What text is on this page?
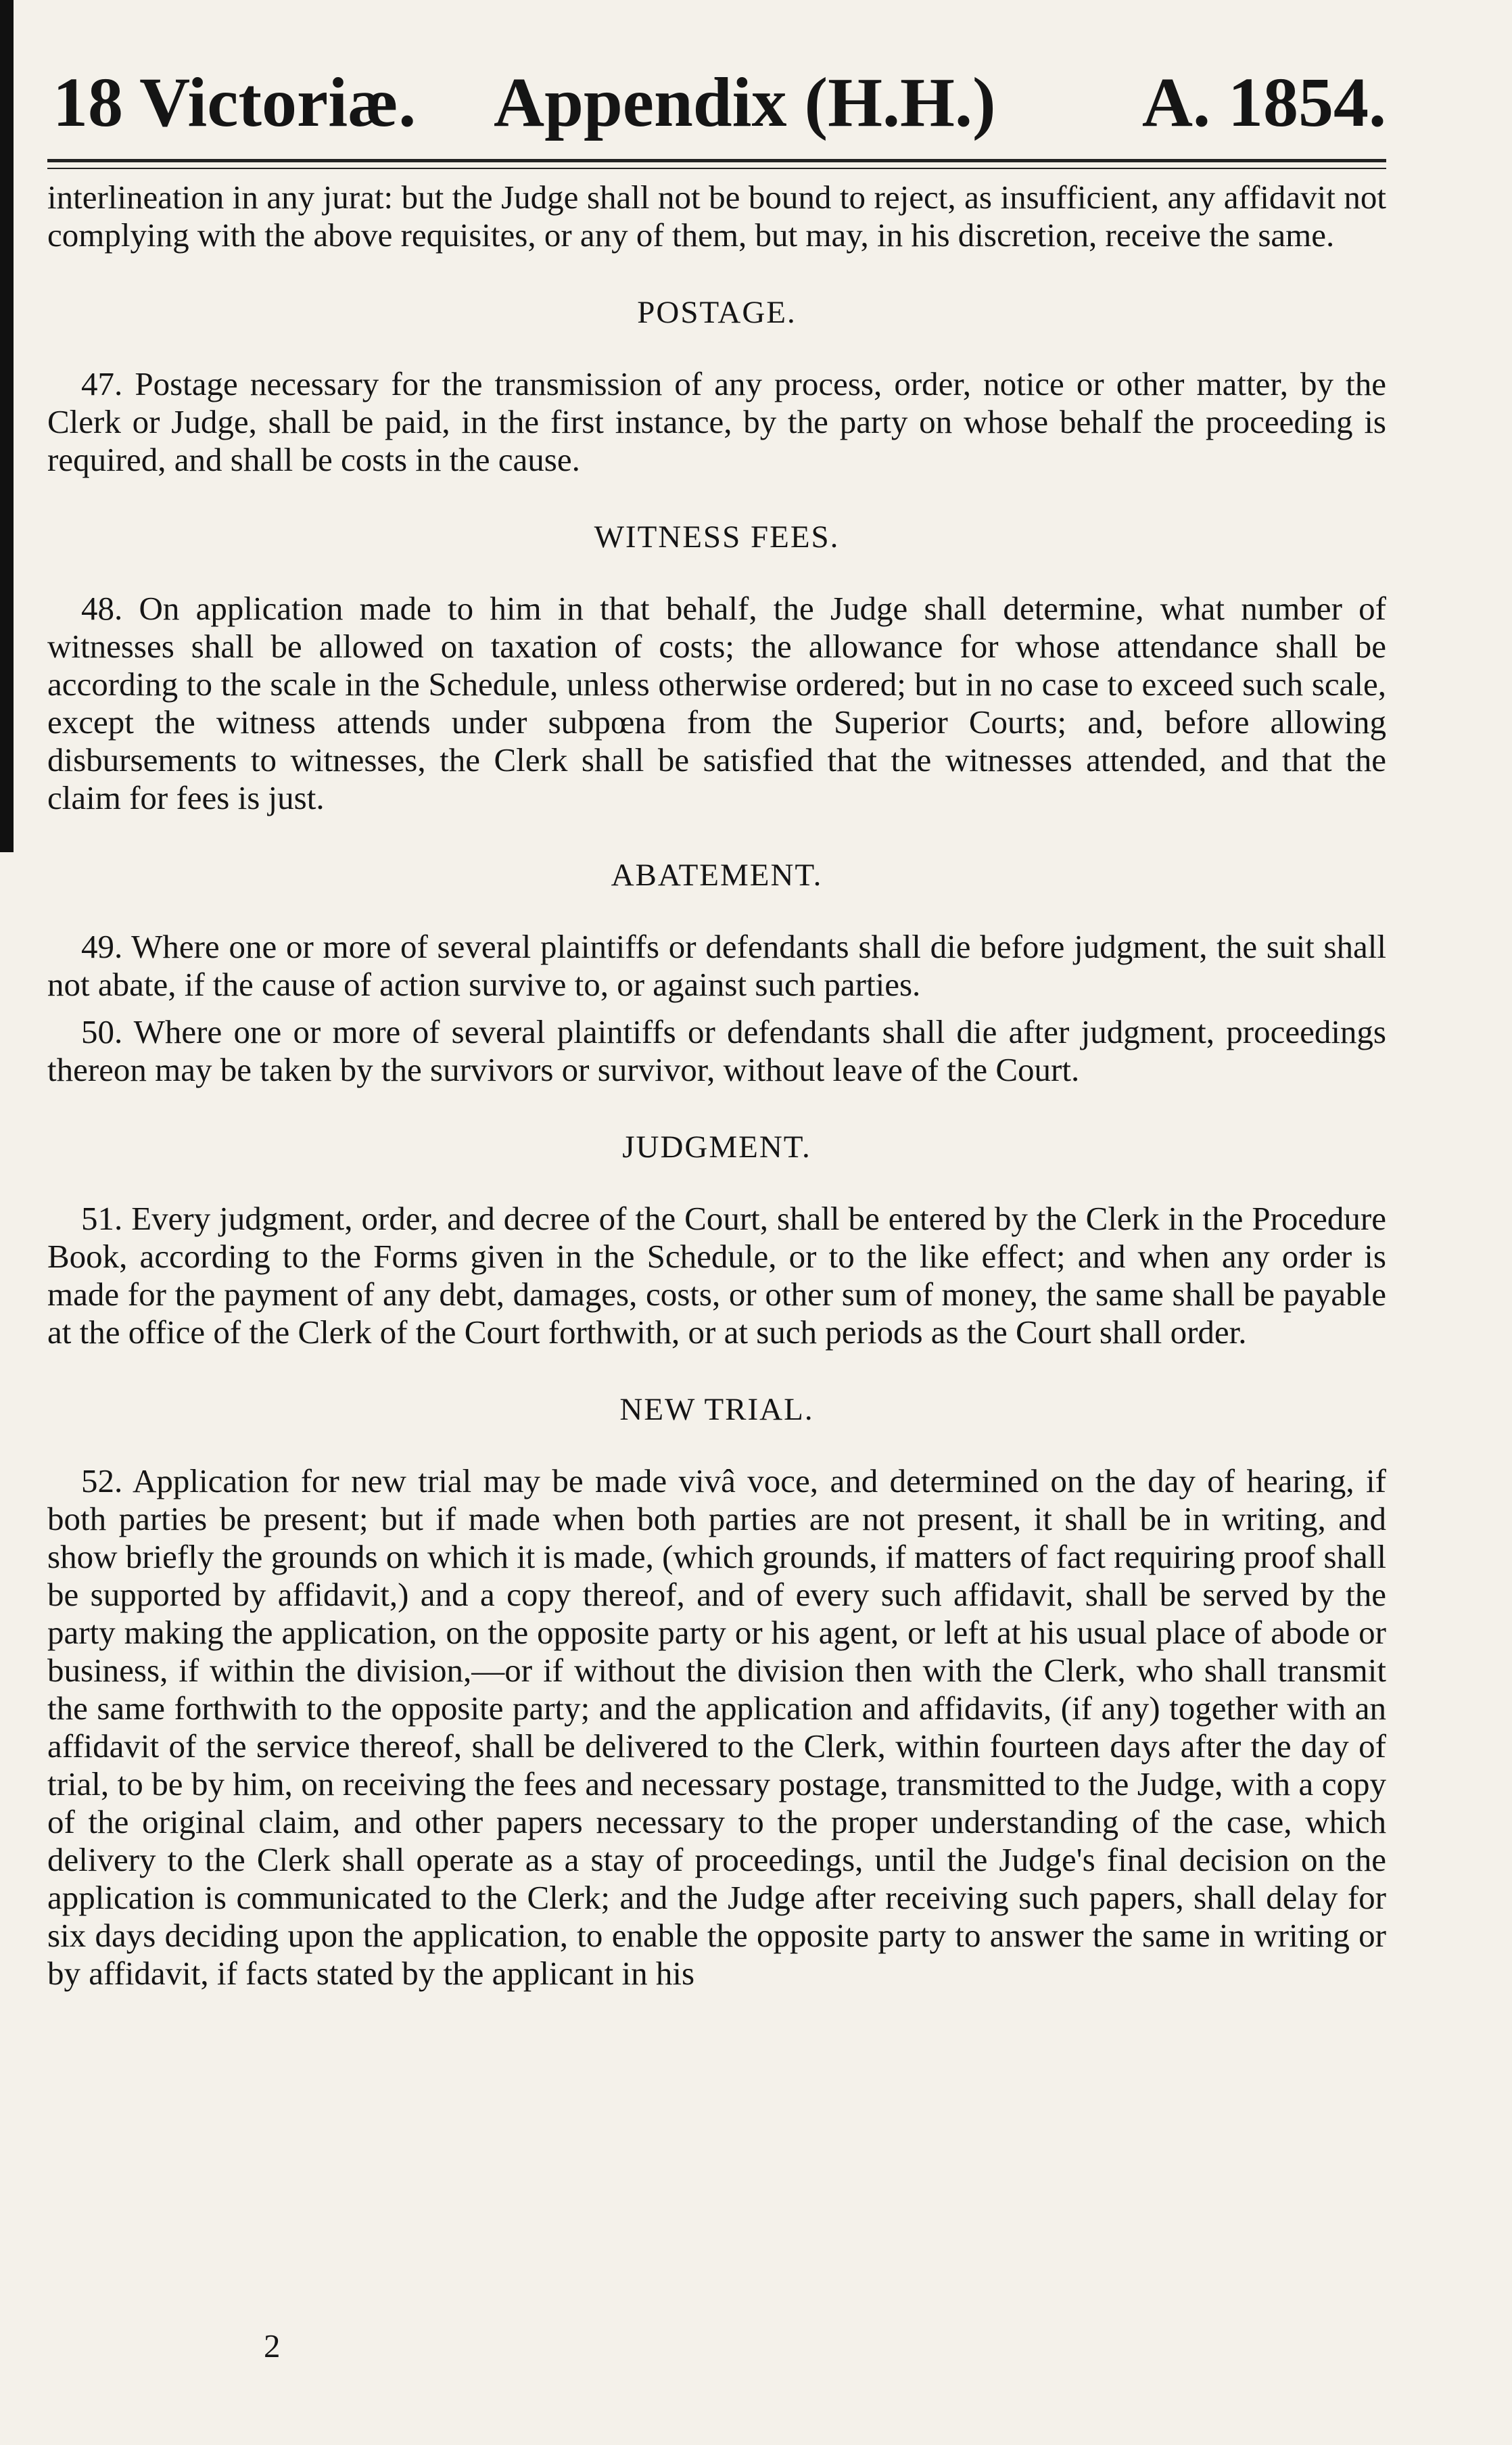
18 Victoriæ. Appendix (H.H.) A. 1854.

interlineation in any jurat: but the Judge shall not be bound to reject, as insufficient, any affidavit not complying with the above requisites, or any of them, but may, in his discretion, receive the same.

POSTAGE.

47. Postage necessary for the transmission of any process, order, notice or other matter, by the Clerk or Judge, shall be paid, in the first instance, by the party on whose behalf the proceeding is required, and shall be costs in the cause.

WITNESS FEES.

48. On application made to him in that behalf, the Judge shall determine, what number of witnesses shall be allowed on taxation of costs; the allowance for whose attendance shall be according to the scale in the Schedule, unless otherwise ordered; but in no case to exceed such scale, except the witness attends under subpœna from the Superior Courts; and, before allowing disbursements to witnesses, the Clerk shall be satisfied that the witnesses attended, and that the claim for fees is just.

ABATEMENT.

49. Where one or more of several plaintiffs or defendants shall die before judgment, the suit shall not abate, if the cause of action survive to, or against such parties.

50. Where one or more of several plaintiffs or defendants shall die after judgment, proceedings thereon may be taken by the survivors or survivor, without leave of the Court.

JUDGMENT.

51. Every judgment, order, and decree of the Court, shall be entered by the Clerk in the Procedure Book, according to the Forms given in the Schedule, or to the like effect; and when any order is made for the payment of any debt, damages, costs, or other sum of money, the same shall be payable at the office of the Clerk of the Court forthwith, or at such periods as the Court shall order.

NEW TRIAL.

52. Application for new trial may be made vivâ voce, and determined on the day of hearing, if both parties be present; but if made when both parties are not present, it shall be in writing, and show briefly the grounds on which it is made, (which grounds, if matters of fact requiring proof shall be supported by affidavit,) and a copy thereof, and of every such affidavit, shall be served by the party making the application, on the opposite party or his agent, or left at his usual place of abode or business, if within the division,—or if without the division then with the Clerk, who shall transmit the same forthwith to the opposite party; and the application and affidavits, (if any) together with an affidavit of the service thereof, shall be delivered to the Clerk, within fourteen days after the day of trial, to be by him, on receiving the fees and necessary postage, transmitted to the Judge, with a copy of the original claim, and other papers necessary to the proper understanding of the case, which delivery to the Clerk shall operate as a stay of proceedings, until the Judge's final decision on the application is communicated to the Clerk; and the Judge after receiving such papers, shall delay for six days deciding upon the application, to enable the opposite party to answer the same in writing or by affidavit, if facts stated by the applicant in his

2
